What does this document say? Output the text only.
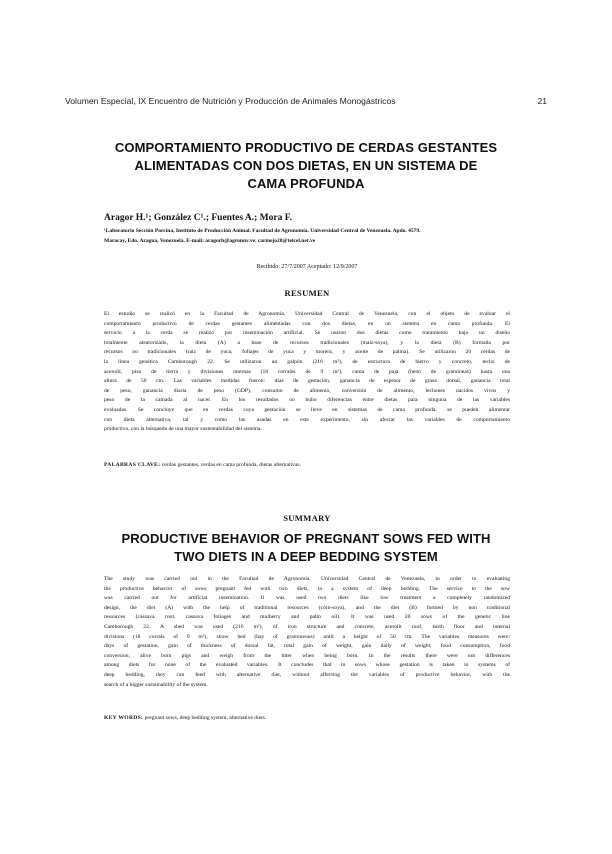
Volumen Especial, IX Encuentro de Nutrición y Producción de Animales Monogástricos	21
COMPORTAMIENTO PRODUCTIVO DE CERDAS GESTANTES
ALIMENTADAS CON DOS DIETAS, EN UN SISTEMA DE
CAMA PROFUNDA
Aragor H.¹; González C¹.; Fuentes A.; Mora F.
¹Laboratorio Sección Porcina, Instituto de Producción Animal. Facultad de Agronomía. Universidad Central de Venezuela. Apdo. 4579.
Maracay, Edo. Aragua, Venezuela. E-mail: aragorh@agronuv.ve. carmejo28@telcel.net.ve
Recibido: 27/7/2007 Aceptado: 12/9/2007
RESUMEN
El estudio se realizó en la Facultad de Agronomía, Universidad Central de Venezuela, con el objeto de evaluar el
comportamiento productivo de cerdas gestantes alimentadas con dos dietas, en un sistema en cama profunda. El
servicio a la cerda se realizó por inseminación artificial. Se usaron dos dietas como tratamiento bajo un diseño
totalmente aleatorizado, la dieta (A) a base de recursos tradicionales (maíz-soya), y la dieta (B) formada por
recursos no tradicionales (raíz de yuca, follajes de yuca y morera, y aceite de palma). Se utilizaron 20 cerdas de
la línea genética Camborough 22. Se utilizaron un galpón (216 m²), de estructura de hierro y concreto, techo de
acerolit, piso de tierra y divisiones internas (18 corrales de 9 m²), cama de paja (heno de gramíneas) hasta una
altura de 50 cm. Las variables medidas fueron: días de gestación, ganancia de espesor de grasa dorsal, ganancia total
de peso, ganancia diaria de peso (GDP), consumo de alimento, conversión de alimento, lechones nacidos vivos y
peso de la camada al nacer. En los resultados no hubo diferencias entre dietas para ninguna de las variables
evaluadas. Se concluye que en cerdas cuya gestación se lleve en sistemas de cama profunda, se pueden alimentar
con dieta alternativa, tal y como las usadas en este experimento, sin afectar las variables de comportamiento
productivo, con la búsqueda de una mayor sustentabilidad del sistema.
PALABRAS CLAVE: cerdas gestantes, cerdas en cama profunda, dietas alternativas.
SUMMARY
PRODUCTIVE BEHAVIOR OF PREGNANT SOWS FED WITH
TWO DIETS IN A DEEP BEDDING SYSTEM
The study was carried out in the Facultad de Agronomía, Universidad Central de Venezuela, in order to evaluating
the productive behavior of sows pregnant fed with two diets, in a system of deep bedding. The service to the sow
was carried out for artificial insemination. It was used two diets like low treatment a completely randomized
design, the diet (A) with the help of traditional resources (corn-soya), and the diet (B) formed by non traditional
resources (cassava root, cassava foliages and mulberry and palm oil). It was used 20 sows of the genetic line
Camborough 22. A shed was used (216 m²), of iron structure and concrete, acerolit roof, earth floor and internal
divisions (18 corrals of 9 m²), straw bed (hay of gramineous) until a height of 50 cm. The variables measures were:
days of gestation, gain of thickness of dorsal fat, total gain of weight, gain daily of weight, food consumption, food
conversion, alive born pigs and weigh from the litter when being born. In the results there were not differences
among diets for none of the evaluated variables. It concludes that in sows whose gestation is taken in systems of
deep bedding, they can feed with alternative diet, without affecting the variables of productive behavior, with the
search of a bigger sustainability of the system.
KEY WORDS: pregnant sows, deep bedding system, alternative diets.
